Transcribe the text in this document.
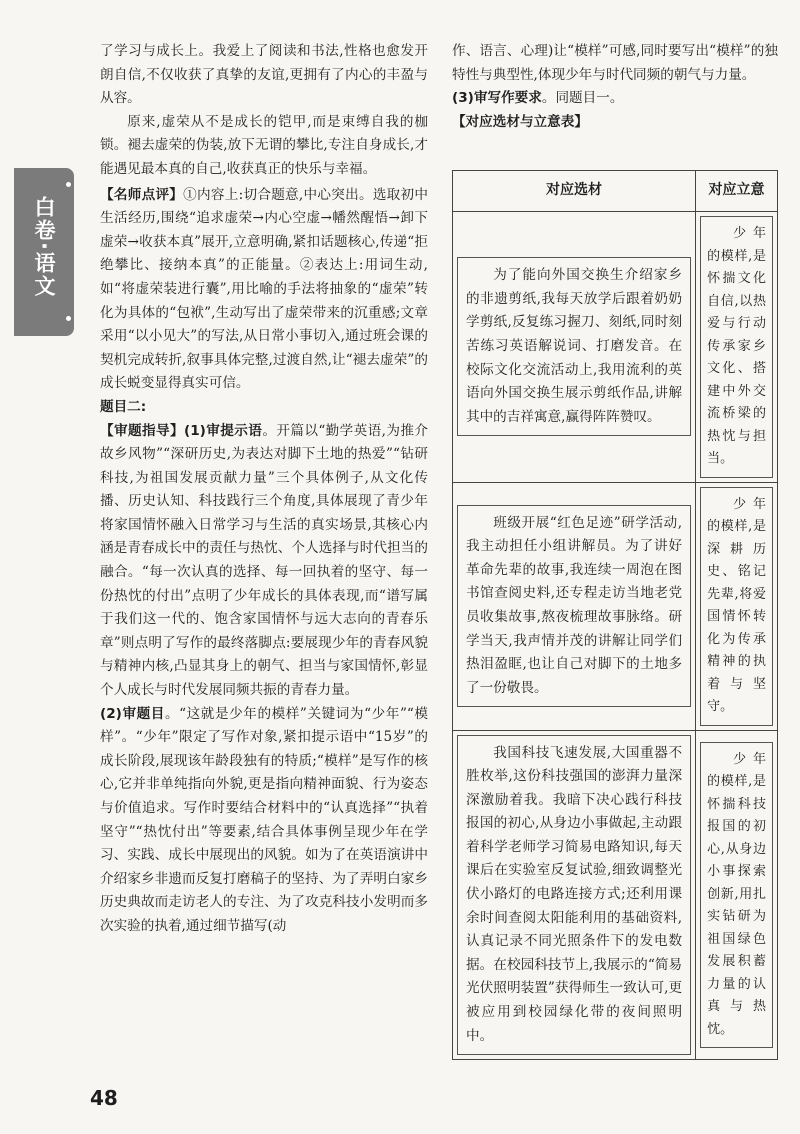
白卷·语文

了学习与成长上。我爱上了阅读和书法,性格也愈发开朗自信,不仅收获了真挚的友谊,更拥有了内心的丰盈与从容。

原来,虚荣从不是成长的铠甲,而是束缚自我的枷锁。褪去虚荣的伪装,放下无谓的攀比,专注自身成长,才能遇见最本真的自己,收获真正的快乐与幸福。

【名师点评】①内容上:切合题意,中心突出。选取初中生活经历,围绕“追求虚荣→内心空虚→幡然醒悟→卸下虚荣→收获本真”展开,立意明确,紧扣话题核心,传递“拒绝攀比、接纳本真”的正能量。②表达上:用词生动,如“将虚荣装进行囊”,用比喻的手法将抽象的“虚荣”转化为具体的“包袱”,生动写出了虚荣带来的沉重感;文章采用“以小见大”的写法,从日常小事切入,通过班会课的契机完成转折,叙事具体完整,过渡自然,让“褪去虚荣”的成长蜕变显得真实可信。

题目二:

【审题指导】(1)审提示语。开篇以“勤学英语,为推介故乡风物”“深研历史,为表达对脚下土地的热爱”“钻研科技,为祖国发展贡献力量”三个具体例子,从文化传播、历史认知、科技践行三个角度,具体展现了青少年将家国情怀融入日常学习与生活的真实场景,其核心内涵是青春成长中的责任与热忱、个人选择与时代担当的融合。“每一次认真的选择、每一回执着的坚守、每一份热忱的付出”点明了少年成长的具体表现,而“谱写属于我们这一代的、饱含家国情怀与远大志向的青春乐章”则点明了写作的最终落脚点:要展现少年的青春风貌与精神内核,凸显其身上的朝气、担当与家国情怀,彰显个人成长与时代发展同频共振的青春力量。

(2)审题目。“这就是少年的模样”关键词为“少年”“模样”。“少年”限定了写作对象,紧扣提示语中“15岁”的成长阶段,展现该年龄段独有的特质;“模样”是写作的核心,它并非单纯指向外貌,更是指向精神面貌、行为姿态与价值追求。写作时要结合材料中的“认真选择”“执着坚守”“热忱付出”等要素,结合具体事例呈现少年在学习、实践、成长中展现出的风貌。如为了在英语演讲中介绍家乡非遗而反复打磨稿子的坚持、为了弄明白家乡历史典故而走访老人的专注、为了攻克科技小发明而多次实验的执着,通过细节描写(动

作、语言、心理)让“模样”可感,同时要写出“模样”的独特性与典型性,体现少年与时代同频的朝气与力量。

(3)审写作要求。同题目一。

【对应选材与立意表】

对应选材	对应立意

为了能向外国交换生介绍家乡的非遗剪纸,我每天放学后跟着奶奶学剪纸,反复练习握刀、刻纸,同时刻苦练习英语解说词、打磨发音。在校际文化交流活动上,我用流利的英语向外国交换生展示剪纸作品,讲解其中的吉祥寓意,赢得阵阵赞叹。	少年的模样,是怀揣文化自信,以热爱与行动传承家乡文化、搭建中外交流桥梁的热忱与担当。

班级开展“红色足迹”研学活动,我主动担任小组讲解员。为了讲好革命先辈的故事,我连续一周泡在图书馆查阅史料,还专程走访当地老党员收集故事,熬夜梳理故事脉络。研学当天,我声情并茂的讲解让同学们热泪盈眶,也让自己对脚下的土地多了一份敬畏。	少年的模样,是深耕历史、铭记先辈,将爱国情怀转化为传承精神的执着与坚守。

我国科技飞速发展,大国重器不胜枚举,这份科技强国的澎湃力量深深激励着我。我暗下决心践行科技报国的初心,从身边小事做起,主动跟着科学老师学习简易电路知识,每天课后在实验室反复试验,细致调整光伏小路灯的电路连接方式;还利用课余时间查阅太阳能利用的基础资料,认真记录不同光照条件下的发电数据。在校园科技节上,我展示的“简易光伏照明装置”获得师生一致认可,更被应用到校园绿化带的夜间照明中。	少年的模样,是怀揣科技报国的初心,从身边小事探索创新,用扎实钻研为祖国绿色发展积蓄力量的认真与热忱。
48
